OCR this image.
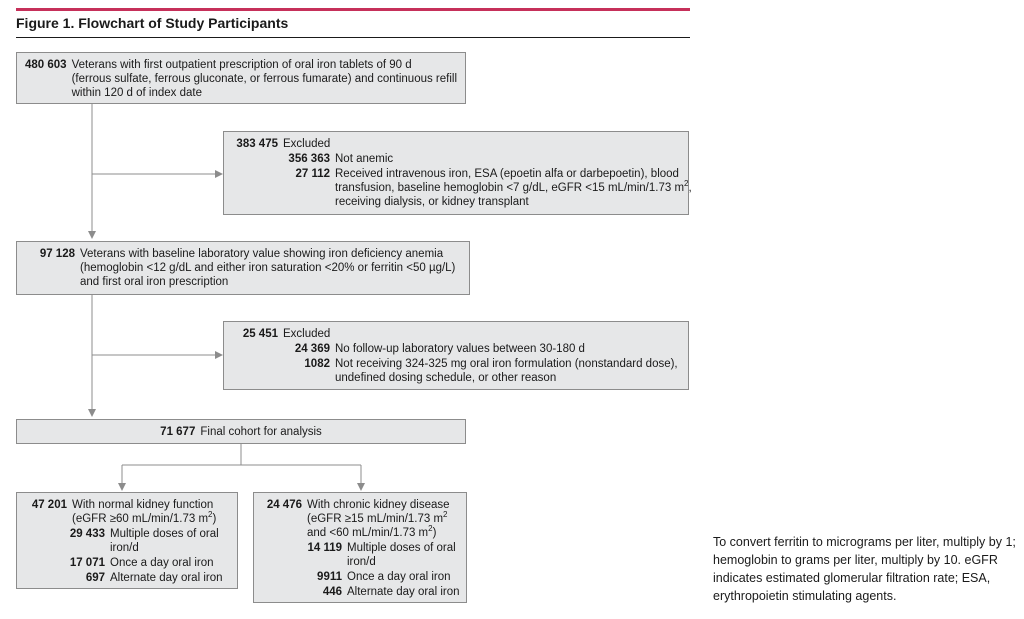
Figure 1. Flowchart of Study Participants
480 603 Veterans with first outpatient prescription of oral iron tablets of 90 d
(ferrous sulfate, ferrous gluconate, or ferrous fumarate) and continuous refill
within 120 d of index date
383 475 Excluded
356 363 Not anemic
27 112 Received intravenous iron, ESA (epoetin alfa or darbepoetin), blood
transfusion, baseline hemoglobin <7 g/dL, eGFR <15 mL/min/1.73 $m^2$,
receiving dialysis, or kidney transplant
97 128 Veterans with baseline laboratory value showing iron deficiency anemia
(hemoglobin <12 g/dL and either iron saturation <20% or ferritin <50 µg/L)
and first oral iron prescription
25 451 Excluded
24 369 No follow-up laboratory values between 30-180 d
1082 Not receiving 324-325 mg oral iron formulation (nonstandard dose),
undefined dosing schedule, or other reason
71 677 Final cohort for analysis
47 201 With normal kidney function
(eGFR ≥60 mL/min/1.73 $m^2$)
29 433 Multiple doses of oral
iron/d
17 071 Once a day oral iron
697 Alternate day oral iron
24 476 With chronic kidney disease
(eGFR ≥15 mL/min/1.73 $m^2$
and <60 mL/min/1.73 $m^2$)
14 119 Multiple doses of oral
iron/d
9911 Once a day oral iron
446 Alternate day oral iron
To convert ferritin to micrograms per liter, multiply by 1; hemoglobin to grams per liter, multiply by 10. eGFR indicates estimated glomerular filtration rate; ESA, erythropoietin stimulating agents.
